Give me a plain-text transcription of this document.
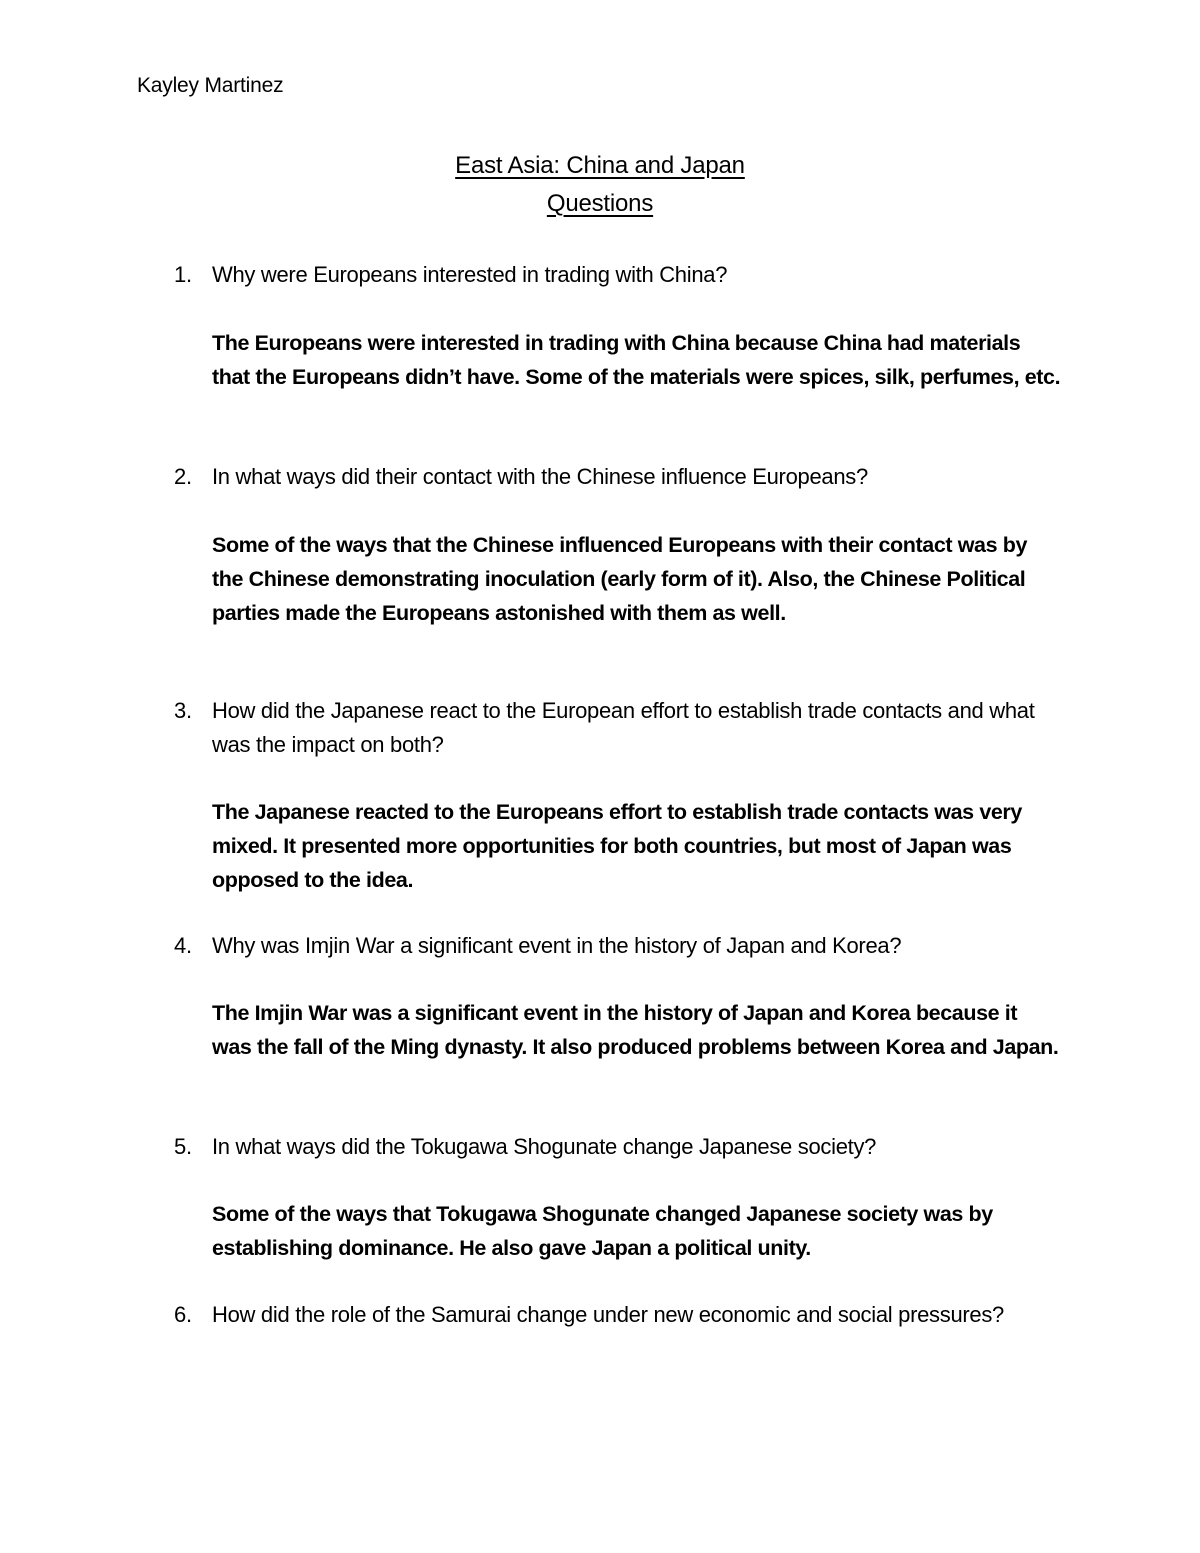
Kayley Martinez
East Asia: China and Japan
Questions
1. Why were Europeans interested in trading with China?
The Europeans were interested in trading with China because China had materials that the Europeans didn’t have. Some of the materials were spices, silk, perfumes, etc.
2. In what ways did their contact with the Chinese influence Europeans?
Some of the ways that the Chinese influenced Europeans with their contact was by the Chinese demonstrating inoculation (early form of it). Also, the Chinese Political parties made the Europeans astonished with them as well.
3. How did the Japanese react to the European effort to establish trade contacts and what was the impact on both?
The Japanese reacted to the Europeans effort to establish trade contacts was very mixed. It presented more opportunities for both countries, but most of Japan was opposed to the idea.
4. Why was Imjin War a significant event in the history of Japan and Korea?
The Imjin War was a significant event in the history of Japan and Korea because it was the fall of the Ming dynasty. It also produced problems between Korea and Japan.
5. In what ways did the Tokugawa Shogunate change Japanese society?
Some of the ways that Tokugawa Shogunate changed Japanese society was by establishing dominance. He also gave Japan a political unity.
6. How did the role of the Samurai change under new economic and social pressures?
